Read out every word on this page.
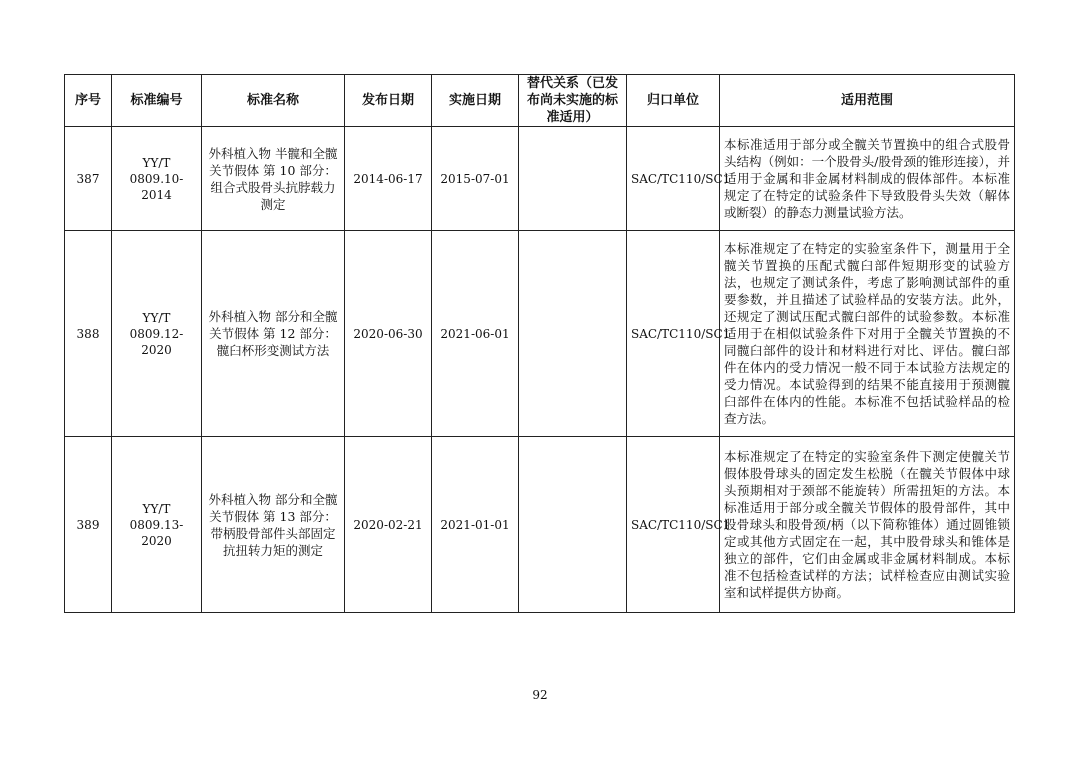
序号	标准编号	标准名称	发布日期	实施日期	替代关系（已发布尚未实施的标准适用）	归口单位	适用范围
387	YY/T 0809.10-2014	外科植入物 半髋和全髋关节假体 第 10 部分：组合式股骨头抗脖载力测定	2014-06-17	2015-07-01		SAC/TC110/SC1	本标准适用于部分或全髋关节置换中的组合式股骨头结构（例如：一个股骨头/股骨颈的锥形连接），并适用于金属和非金属材料制成的假体部件。本标准规定了在特定的试验条件下导致股骨头失效（解体或断裂）的静态力测量试验方法。
388	YY/T 0809.12-2020	外科植入物 部分和全髋关节假体 第 12 部分：髋臼杯形变测试方法	2020-06-30	2021-06-01		SAC/TC110/SC1	本标准规定了在特定的实验室条件下，测量用于全髋关节置换的压配式髋臼部件短期形变的试验方法，也规定了测试条件，考虑了影响测试部件的重要参数，并且描述了试验样品的安装方法。此外，还规定了测试压配式髋臼部件的试验参数。本标准适用于在相似试验条件下对用于全髋关节置换的不同髋臼部件的设计和材料进行对比、评估。髋臼部件在体内的受力情况一般不同于本试验方法规定的受力情况。本试验得到的结果不能直接用于预测髋臼部件在体内的性能。本标准不包括试验样品的检查方法。
389	YY/T 0809.13-2020	外科植入物 部分和全髋关节假体 第 13 部分：带柄股骨部件头部固定抗扭转力矩的测定	2020-02-21	2021-01-01		SAC/TC110/SC1	本标准规定了在特定的实验室条件下测定使髋关节假体股骨球头的固定发生松脱（在髋关节假体中球头预期相对于颈部不能旋转）所需扭矩的方法。本标准适用于部分或全髋关节假体的股骨部件，其中股骨球头和股骨颈/柄（以下简称锥体）通过圆锥锁定或其他方式固定在一起，其中股骨球头和锥体是独立的部件，它们由金属或非金属材料制成。本标准不包括检查试样的方法；试样检查应由测试实验室和试样提供方协商。
92
